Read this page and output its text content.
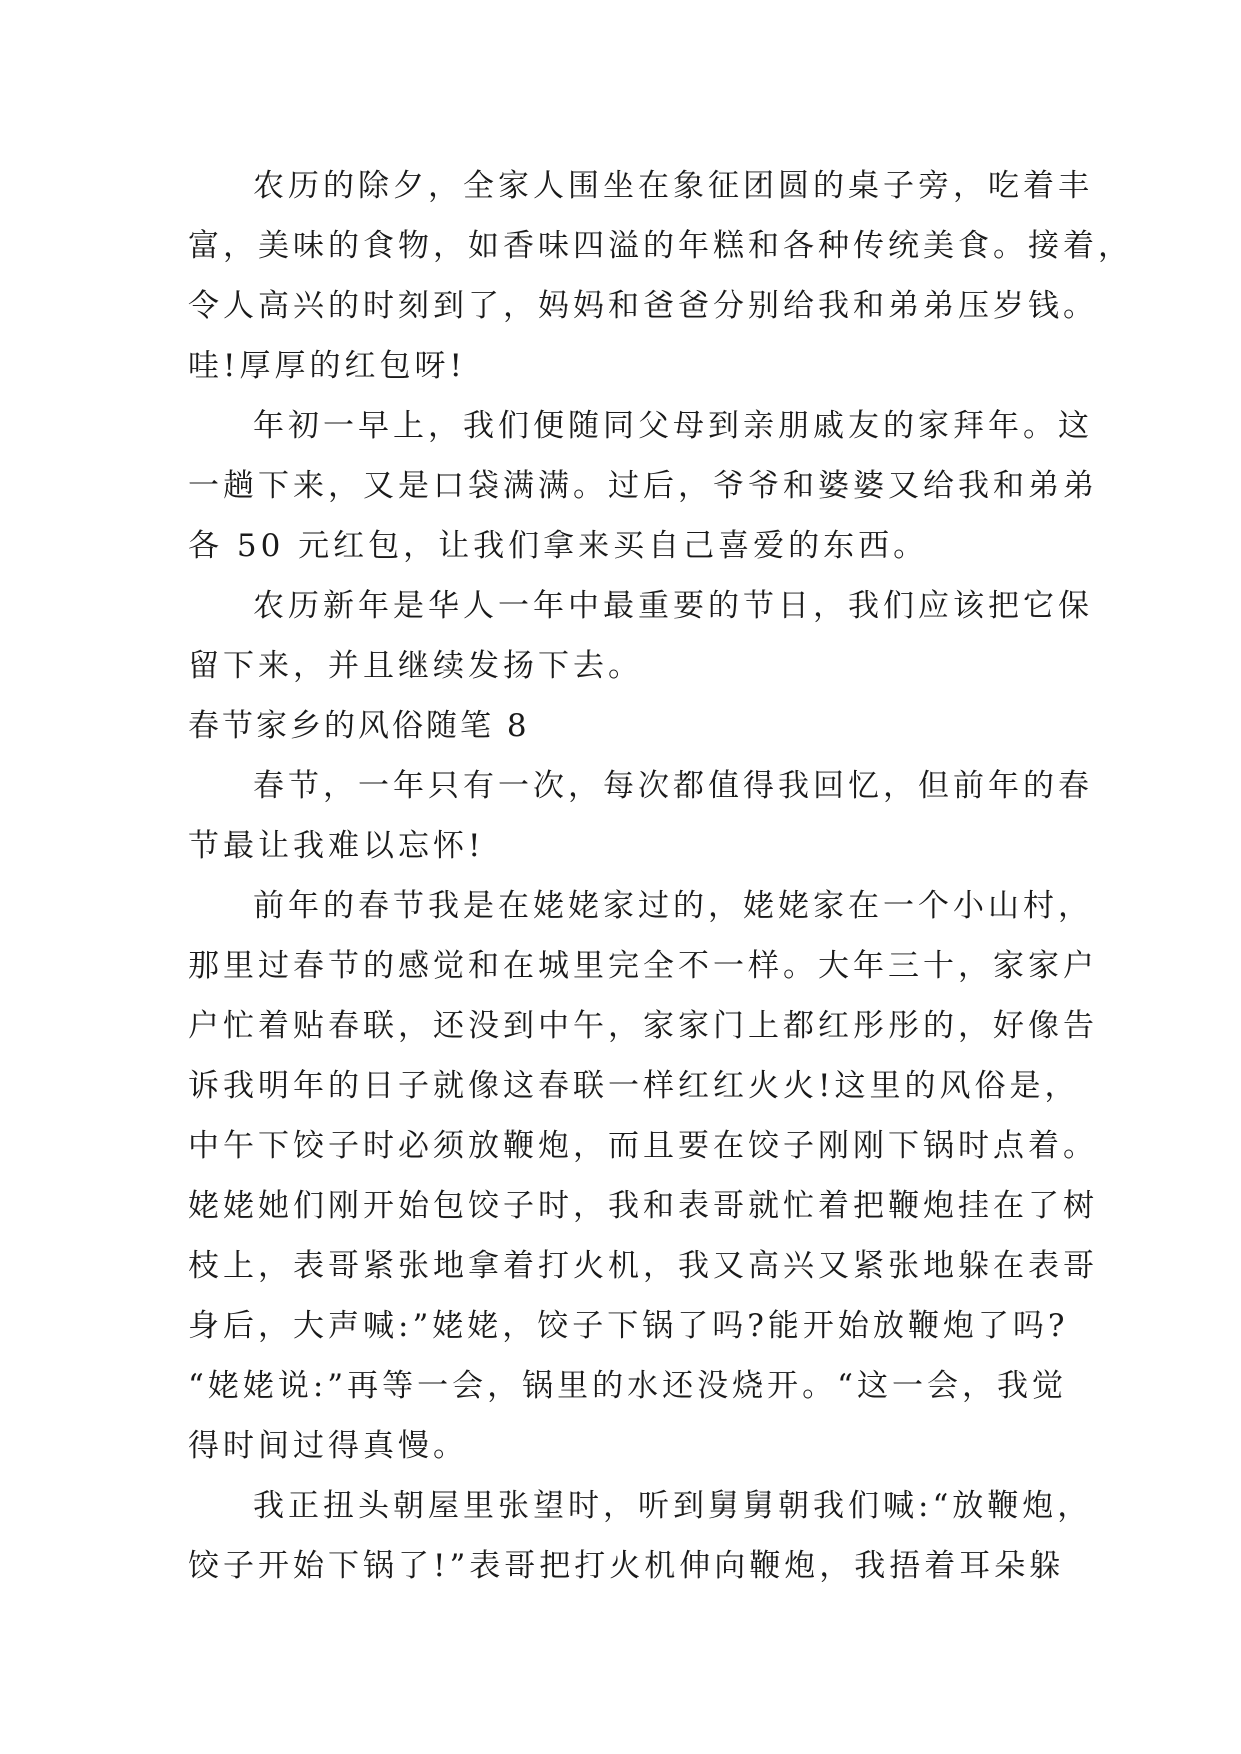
农历的除夕，全家人围坐在象征团圆的桌子旁，吃着丰
富，美味的食物，如香味四溢的年糕和各种传统美食。接着，
令人高兴的时刻到了，妈妈和爸爸分别给我和弟弟压岁钱。
哇!厚厚的红包呀!
年初一早上，我们便随同父母到亲朋戚友的家拜年。这
一趟下来，又是口袋满满。过后，爷爷和婆婆又给我和弟弟
各 50 元红包，让我们拿来买自己喜爱的东西。
农历新年是华人一年中最重要的节日，我们应该把它保
留下来，并且继续发扬下去。
春节家乡的风俗随笔 8
春节，一年只有一次，每次都值得我回忆，但前年的春
节最让我难以忘怀!
前年的春节我是在姥姥家过的，姥姥家在一个小山村，
那里过春节的感觉和在城里完全不一样。大年三十，家家户
户忙着贴春联，还没到中午，家家门上都红彤彤的，好像告
诉我明年的日子就像这春联一样红红火火!这里的风俗是，
中午下饺子时必须放鞭炮，而且要在饺子刚刚下锅时点着。
姥姥她们刚开始包饺子时，我和表哥就忙着把鞭炮挂在了树
枝上，表哥紧张地拿着打火机，我又高兴又紧张地躲在表哥
身后，大声喊:”姥姥，饺子下锅了吗?能开始放鞭炮了吗?
“姥姥说:”再等一会，锅里的水还没烧开。“这一会，我觉
得时间过得真慢。
我正扭头朝屋里张望时，听到舅舅朝我们喊:“放鞭炮，
饺子开始下锅了!”表哥把打火机伸向鞭炮，我捂着耳朵躲
